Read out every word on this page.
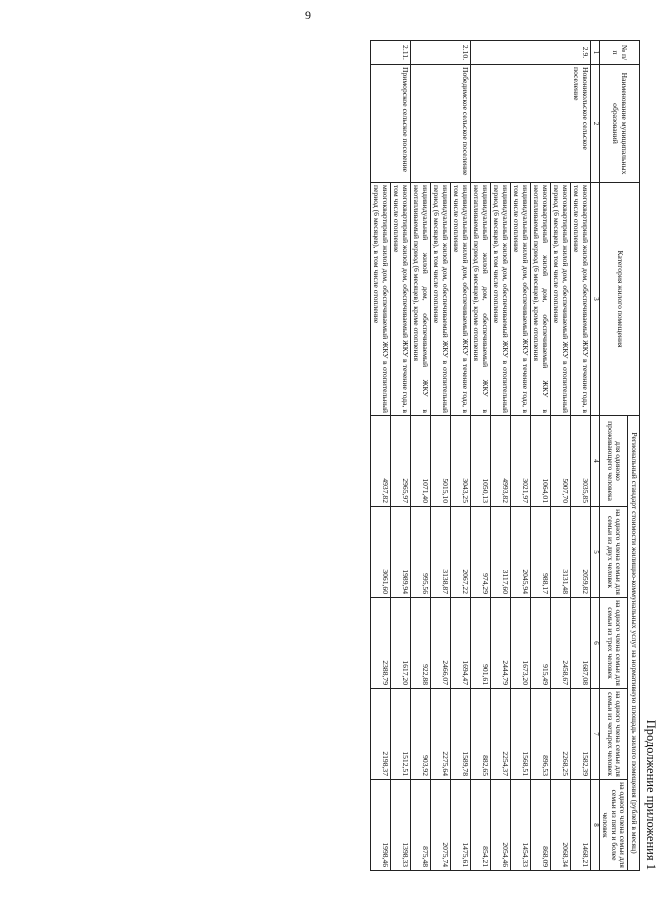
9
Продолжение приложения 1
№ п/п	Наименование муниципальных образований	Категория жилого помещения	Региональный стандарт стоимости жилищно-коммунальных услуг на нормативную площадь жилого помещения (рублей в месяц)				
			для одиноко проживающего человека	на одного члена семьи для семьи из двух человек	на одного члена семьи для семьи из трех человек	на одного члена семьи для семьи из четырех человек	на одного члена семьи для семьи из пяти и более человек
1	2	3	4	5	6	7	8
2.9.	Новоникольское сельское поселение	многоквартирный жилой дом, обеспечиваемый ЖКУ в течение года, в том числе отопление	3035,85	2059,82	1687,08	1582,39	1468,21
		многоквартирный жилой дом, обеспечиваемый ЖКУ в отопительный период (6 месяцев), в том числе отопление	5007,70	3131,48	2458,67	2268,25	2068,34
		многоквартирный жилой дом, обеспечиваемый ЖКУ в неотапливаемый период (6 месяцев), кроме отопления	1064,01	988,17	915,49	896,53	868,09
		индивидуальный жилой дом, обеспечиваемый ЖКУ в течение года, в том числе отопление	3021,97	2045,94	1673,20	1568,51	1454,33
		индивидуальный жилой дом, обеспечиваемый ЖКУ в отопительный период (6 месяцев), в том числе отопление	4993,82	3117,60	2444,79	2254,37	2054,46
		индивидуальный жилой дом, обеспечиваемый ЖКУ в неотапливаемый период (6 месяцев), кроме отопления	1050,13	974,29	901,61	882,65	854,21
2.10.	Победимское сельское поселение	индивидуальный жилой дом, обеспечиваемый ЖКУ в течение года, в том числе отопление	3043,25	2067,22	1694,47	1589,78	1475,61
		индивидуальный жилой дом, обеспечиваемый ЖКУ в отопительный период (6 месяцев), в том числе отопление	5015,10	3138,87	2466,07	2275,64	2075,74
		индивидуальный жилой дом, обеспечиваемый ЖКУ в неотапливаемый период (6 месяцев), кроме отопления	1071,40	995,56	922,88	903,92	875,48
2.11.	Приморское сельское поселение	многоквартирный жилой дом, обеспечиваемый ЖКУ в течение года, в том числе отопление	2965,97	1989,94	1617,20	1512,51	1398,33
		многоквартирный жилой дом, обеспечиваемый ЖКУ в отопительный период (6 месяцев), в том числе отопление	4937,82	3061,60	2388,79	2198,37	1998,46
